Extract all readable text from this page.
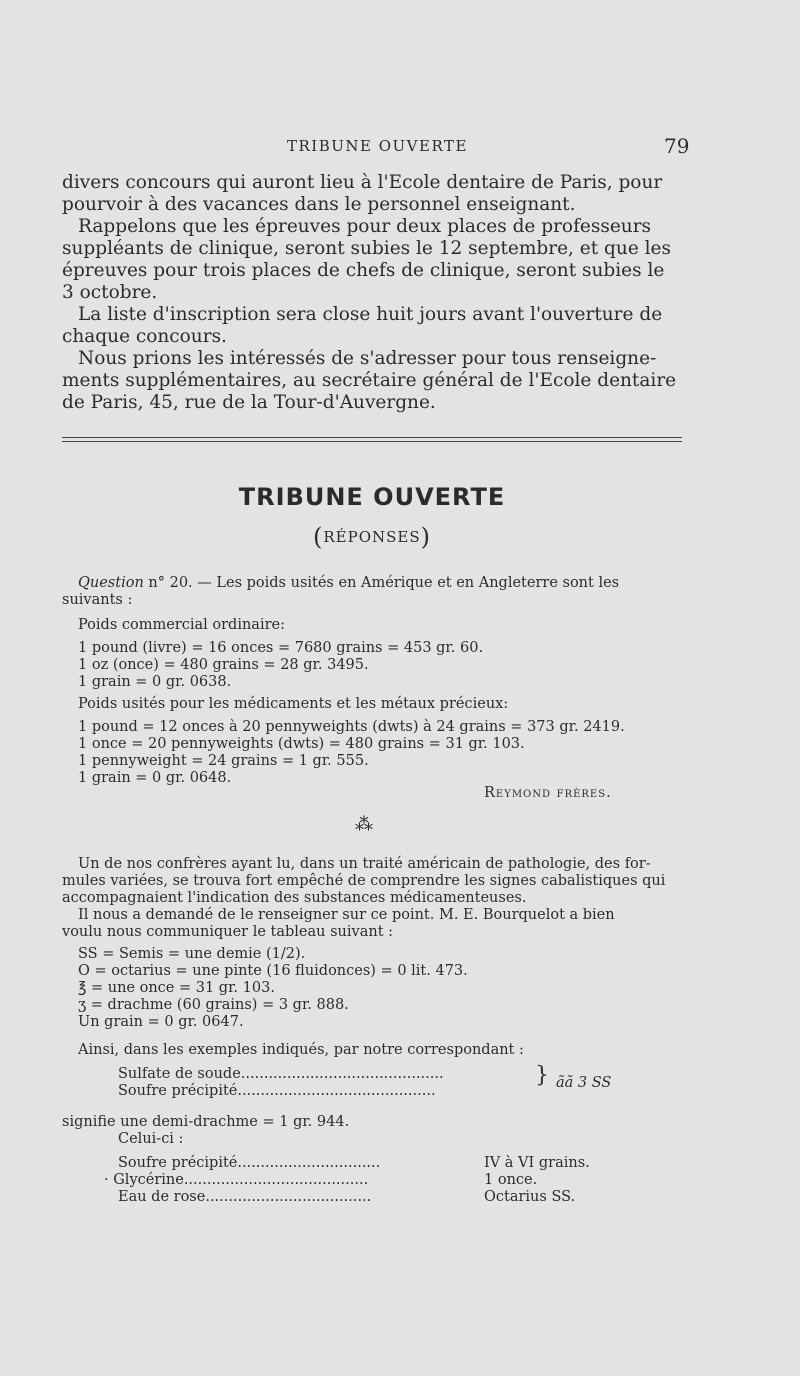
TRIBUNE OUVERTE	79
divers concours qui auront lieu à l'Ecole dentaire de Paris, pour
pourvoir à des vacances dans le personnel enseignant.
Rappelons que les épreuves pour deux places de professeurs
suppléants de clinique, seront subies le 12 septembre, et que les
épreuves pour trois places de chefs de clinique, seront subies le
3 octobre.
La liste d'inscription sera close huit jours avant l'ouverture de
chaque concours.
Nous prions les intéressés de s'adresser pour tous renseigne-
ments supplémentaires, au secrétaire général de l'Ecole dentaire
de Paris, 45, rue de la Tour-d'Auvergne.
TRIBUNE OUVERTE
(RÉPONSES)
Question n° 20. — Les poids usités en Amérique et en Angleterre sont les
suivants :
Poids commercial ordinaire:
1 pound (livre) = 16 onces = 7680 grains = 453 gr. 60.
1 oz (once) = 480 grains = 28 gr. 3495.
1 grain = 0 gr. 0638.
Poids usités pour les médicaments et les métaux précieux:
1 pound = 12 onces à 20 pennyweights (dwts) à 24 grains = 373 gr. 2419.
1 once = 20 pennyweights (dwts) = 480 grains = 31 gr. 103.
1 pennyweight = 24 grains = 1 gr. 555.
1 grain = 0 gr. 0648.
Reymond frères.
⁂
Un de nos confrères ayant lu, dans un traité américain de pathologie, des for-
mules variées, se trouva fort empêché de comprendre les signes cabalistiques qui
accompagnaient l'indication des substances médicamenteuses.
Il nous a demandé de le renseigner sur ce point. M. E. Bourquelot a bien
voulu nous communiquer le tableau suivant :
SS = Semis = une demie (1/2).
O = octarius = une pinte (16 fluidonces) = 0 lit. 473.
℥ = une once = 31 gr. 103.
ʒ = drachme (60 grains) = 3 gr. 888.
Un grain = 0 gr. 0647.
Ainsi, dans les exemples indiqués, par notre correspondant :
Sulfate de soude............................................
Soufre précipité...........................................
} ãã 3 SS
signifie une demi-drachme = 1 gr. 944.
Celui-ci :
Soufre précipité...............................	IV à VI grains.
· Glycérine........................................	1 once.
Eau de rose....................................	Octarius SS.
